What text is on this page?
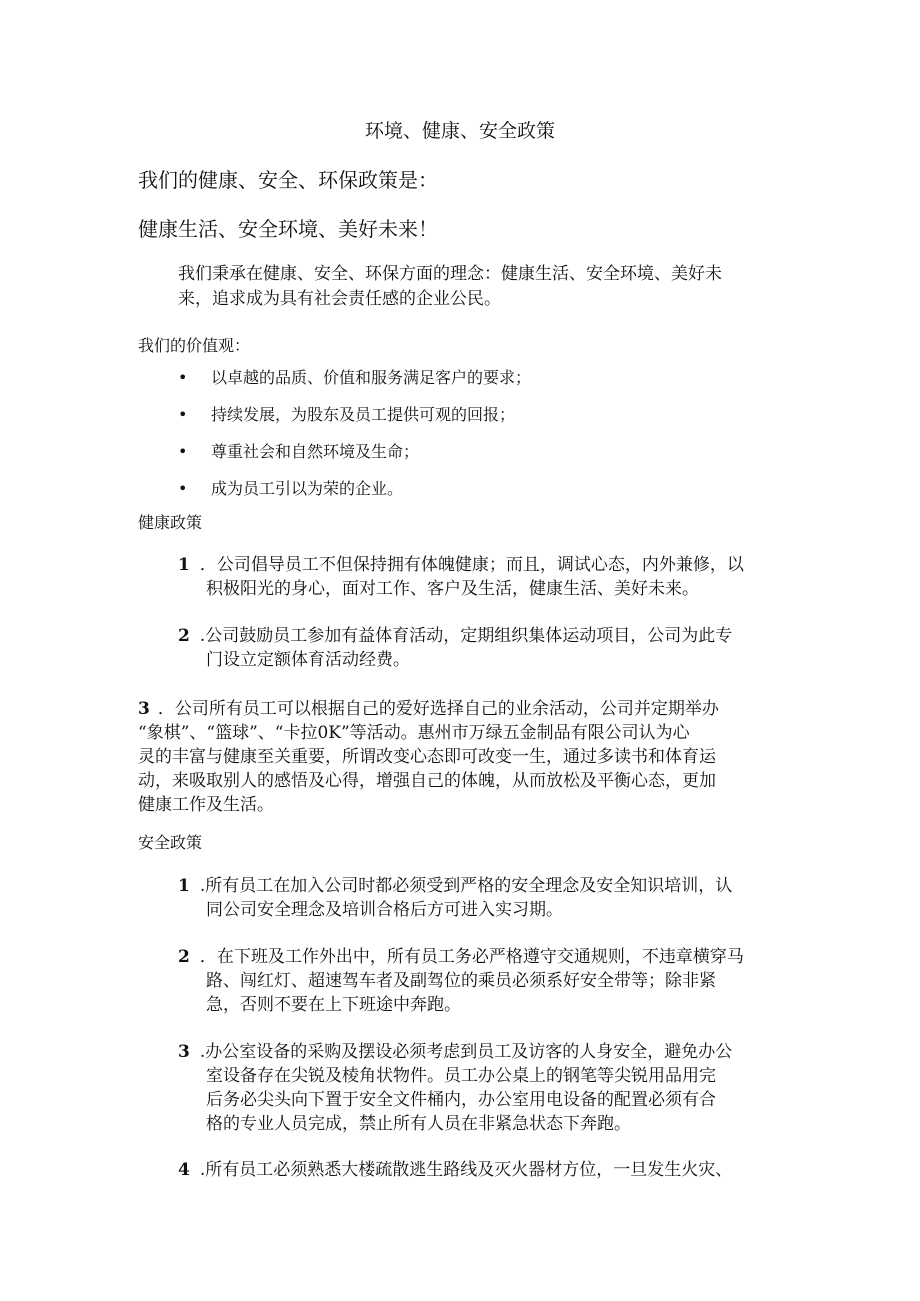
环境、健康、安全政策

我们的健康、安全、环保政策是：

健康生活、安全环境、美好未来！

我们秉承在健康、安全、环保方面的理念：健康生活、安全环境、美好未
来，追求成为具有社会责任感的企业公民。

我们的价值观：

•	以卓越的品质、价值和服务满足客户的要求；
•	持续发展，为股东及员工提供可观的回报；
•	尊重社会和自然环境及生命；
•	成为员工引以为荣的企业。

健康政策

1 ．公司倡导员工不但保持拥有体魄健康；而且，调试心态，内外兼修，以
积极阳光的身心，面对工作、客户及生活，健康生活、美好未来。
2 .公司鼓励员工参加有益体育活动，定期组织集体运动项目，公司为此专
门设立定额体育活动经费。
3 ．公司所有员工可以根据自己的爱好选择自己的业余活动，公司并定期举办
“象棋”、“篮球”、“卡拉0K”等活动。惠州市万绿五金制品有限公司认为心
灵的丰富与健康至关重要，所谓改变心态即可改变一生，通过多读书和体育运
动，来吸取别人的感悟及心得，增强自己的体魄，从而放松及平衡心态，更加
健康工作及生活。

安全政策

1 .所有员工在加入公司时都必须受到严格的安全理念及安全知识培训，认
同公司安全理念及培训合格后方可进入实习期。
2 ．在下班及工作外出中，所有员工务必严格遵守交通规则，不违章横穿马
路、闯红灯、超速驾车者及副驾位的乘员必须系好安全带等；除非紧
急，否则不要在上下班途中奔跑。
3 .办公室设备的采购及摆设必须考虑到员工及访客的人身安全，避免办公
室设备存在尖锐及棱角状物件。员工办公桌上的钢笔等尖锐用品用完
后务必尖头向下置于安全文件桶内，办公室用电设备的配置必须有合
格的专业人员完成，禁止所有人员在非紧急状态下奔跑。
4 .所有员工必须熟悉大楼疏散逃生路线及灭火器材方位，一旦发生火灾、
